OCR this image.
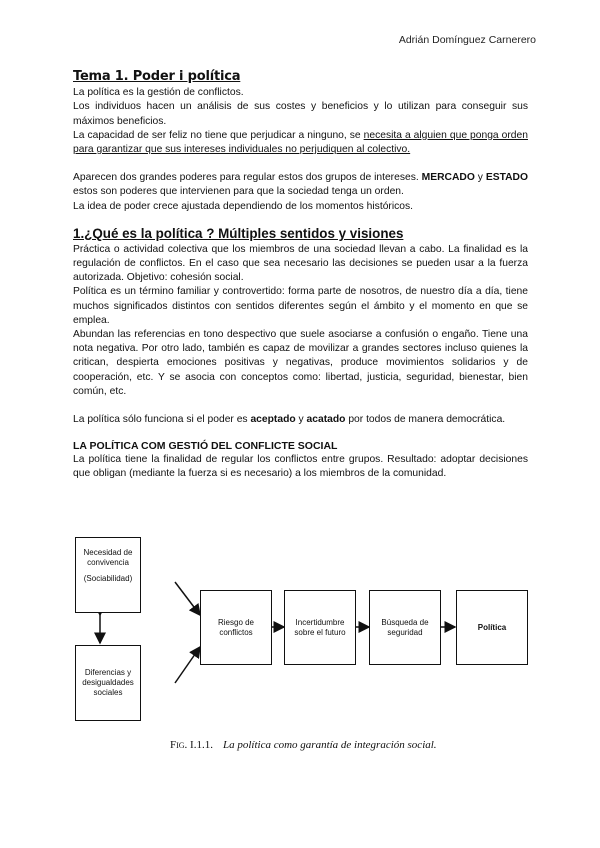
Adrián Domínguez Carnerero
Tema 1. Poder i política

La política es la gestión de conflictos.

Los individuos hacen un análisis de sus costes y beneficios y lo utilizan para conseguir sus máximos beneficios.

La capacidad de ser feliz no tiene que perjudicar a ninguno, se necesita a alguien que ponga orden para garantizar que sus intereses individuales no perjudiquen al colectivo.

Aparecen dos grandes poderes para regular estos dos grupos de intereses. MERCADO y ESTADO estos son poderes que intervienen para que la sociedad tenga un orden.

La idea de poder crece ajustada dependiendo de los momentos históricos.

1.¿Qué es la política ? Múltiples sentidos y visiones

Práctica o actividad colectiva que los miembros de una sociedad llevan a cabo. La finalidad es la regulación de conflictos. En el caso que sea necesario las decisiones se pueden usar a la fuerza autorizada. Objetivo: cohesión social.

Política es un término familiar y controvertido: forma parte de nosotros, de nuestro día a día, tiene muchos significados distintos con sentidos diferentes según el ámbito y el momento en que se emplea.

Abundan las referencias en tono despectivo que suele asociarse a confusión o engaño. Tiene una nota negativa. Por otro lado, también es capaz de movilizar a grandes sectores incluso quienes la critican, despierta emociones positivas y negativas, produce movimientos solidarios y de cooperación, etc. Y se asocia con conceptos como: libertad, justicia, seguridad, bienestar, bien común, etc.

La política sólo funciona si el poder es aceptado y acatado por todos de manera democrática.

LA POLÍTICA COM GESTIÓ DEL CONFLICTE SOCIAL

La política tiene la finalidad de regular los conflictos entre grupos. Resultado: adoptar decisiones que obligan (mediante la fuerza si es necesario) a los miembros de la comunidad.

Necesidad de convivencia
(Sociabilidad)
Diferencias y desigualdades sociales
Riesgo de conflictos
Incertidumbre sobre el futuro
Búsqueda de seguridad
Política
Fig. I.1.1. La política como garantía de integración social.
